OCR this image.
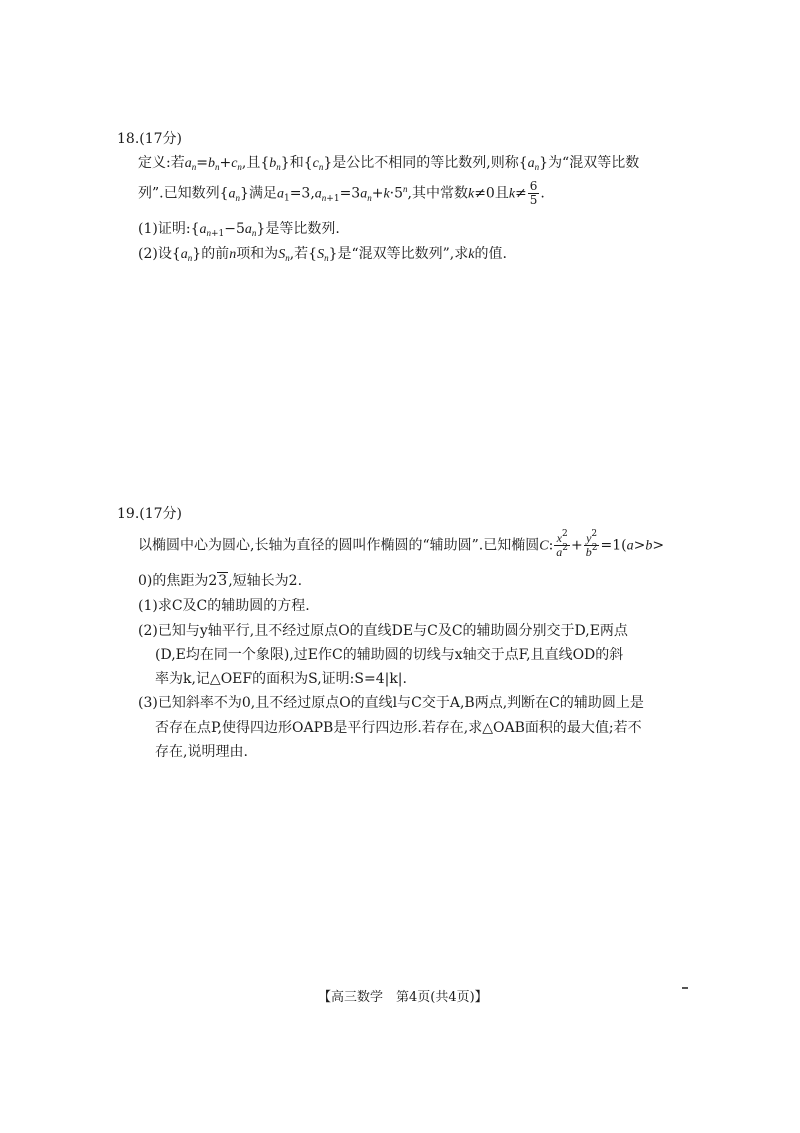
18.(17分)
定义:若$a_n=b_n+c_n$,且$\{b_n\}$和$\{c_n\}$是公比不相同的等比数列,则称$\{a_n\}$为“混双等比数
列”.已知数列$\{a_n\}$满足$a_1=3,a_{n+1}=3a_n+k\cdot 5^n$,其中常数k≠0且$k\ne \frac{6}{5}$ .
(1)证明$:\{a_{n+1}-5a_n\}$是等比数列.
(2)设$\{a_n\}$的前n项和为$S_n$,若$\{S_n\}$是“混双等比数列”,求k的值.
19.(17分)
以椭圆中心为圆心,长轴为直径的圆叫作椭圆的“辅助圆”.已知椭圆C: $\frac{x^2}{a^2} + \frac{y^2}{b^2} =1(a>b>$
0)的焦距为23,短轴长为2.
(1)求C及C的辅助圆的方程.
(2)已知与y轴平行,且不经过原点O的直线DE与C及C的辅助圆分别交于D,E两点
(D,E均在同一个象限),过E作C的辅助圆的切线与x轴交于点F,且直线OD的斜
率为k,记△OEF的面积为S,证明:S=4|k|.
(3)已知斜率不为0,且不经过原点O的直线l与C交于A,B两点,判断在C的辅助圆上是
否存在点P,使得四边形OAPB是平行四边形.若存在,求△OAB面积的最大值;若不
存在,说明理由.
【高三数学　第4页(共4页)】
